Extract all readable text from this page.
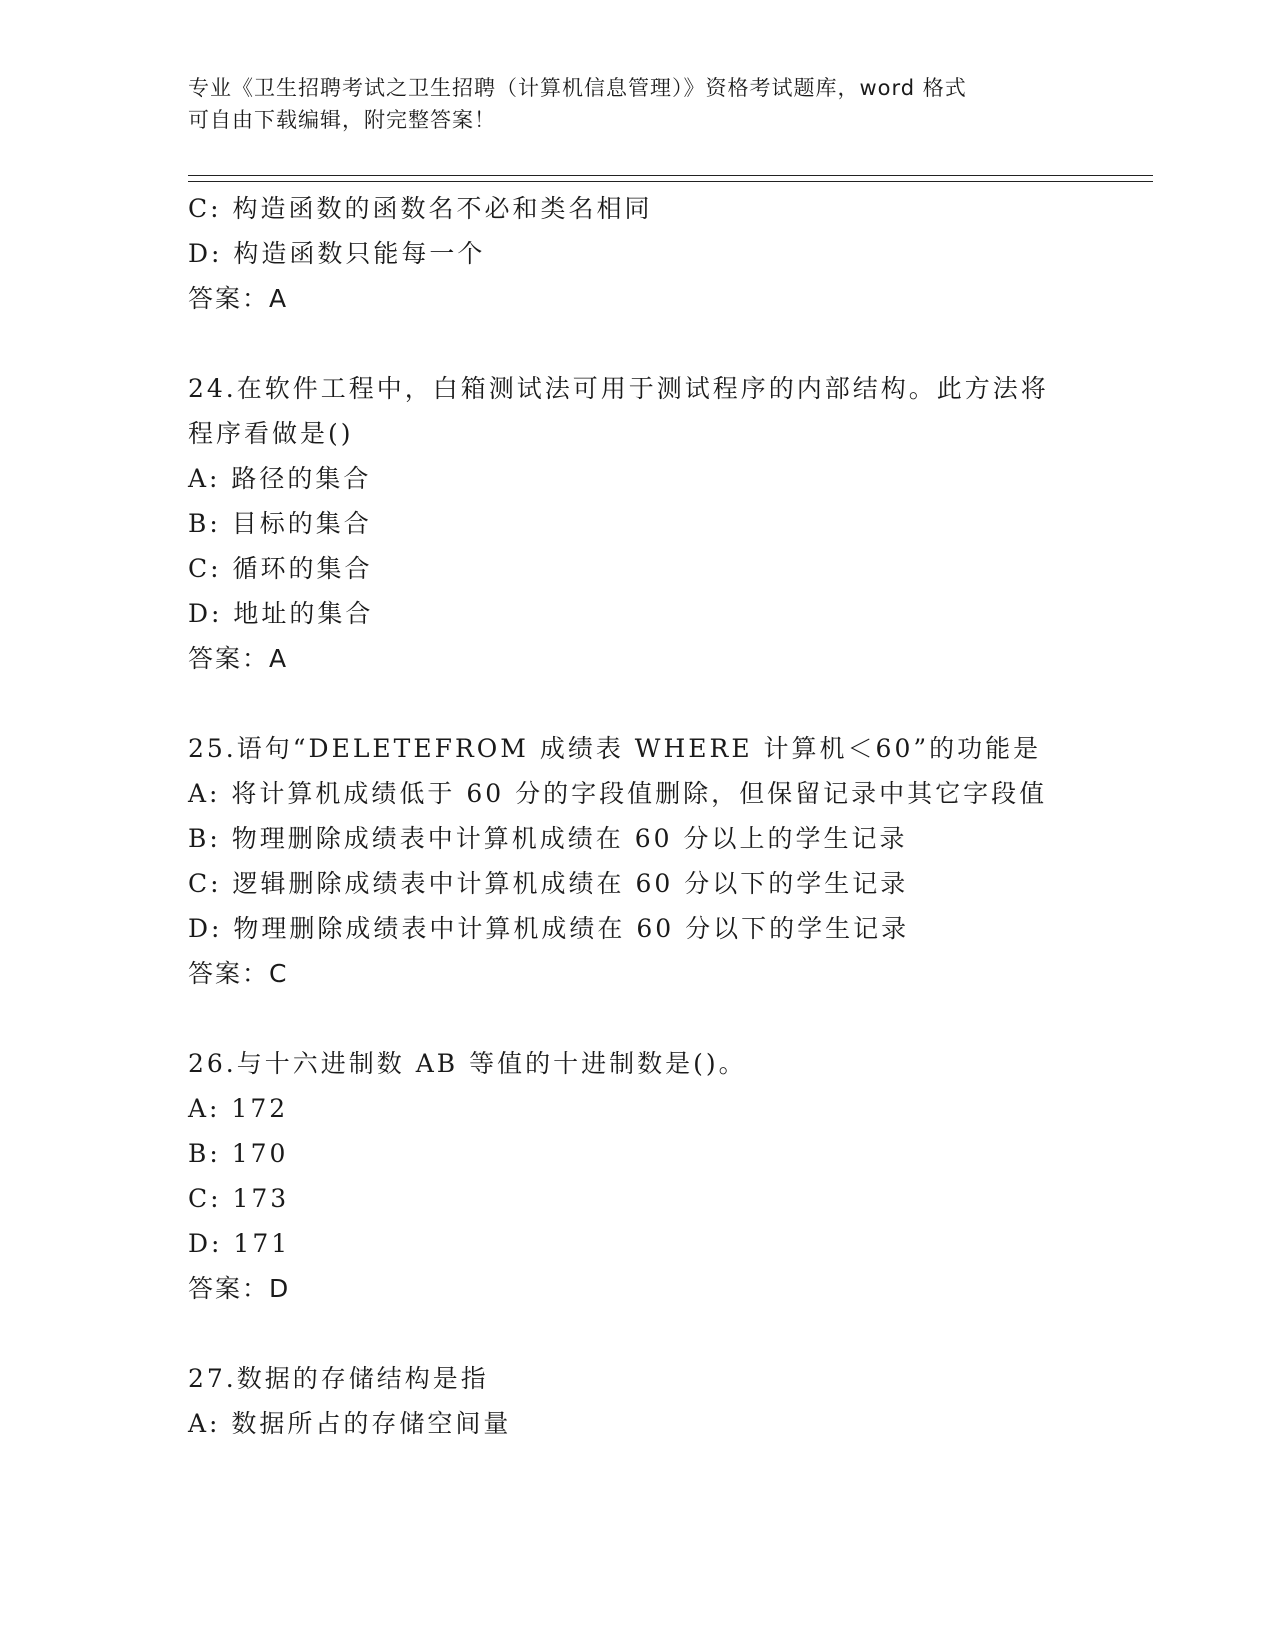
专业《卫生招聘考试之卫生招聘（计算机信息管理）》资格考试题库，word 格式
可自由下载编辑，附完整答案！
C: 构造函数的函数名不必和类名相同
D: 构造函数只能每一个
答案：A
24.在软件工程中，白箱测试法可用于测试程序的内部结构。此方法将
程序看做是()
A: 路径的集合
B: 目标的集合
C: 循环的集合
D: 地址的集合
答案：A
25.语句“DELETEFROM 成绩表 WHERE 计算机＜60”的功能是
A: 将计算机成绩低于 60 分的字段值删除，但保留记录中其它字段值
B: 物理删除成绩表中计算机成绩在 60 分以上的学生记录
C: 逻辑删除成绩表中计算机成绩在 60 分以下的学生记录
D: 物理删除成绩表中计算机成绩在 60 分以下的学生记录
答案：C
26.与十六进制数 AB 等值的十进制数是()。
A: 172
B: 170
C: 173
D: 171
答案：D
27.数据的存储结构是指
A: 数据所占的存储空间量
